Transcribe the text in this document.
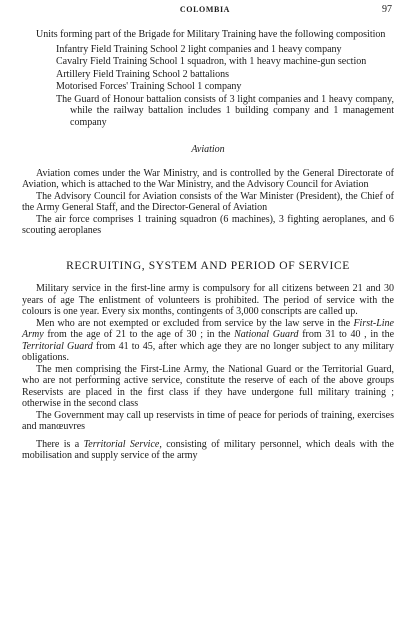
COLOMBIA	97

Units forming part of the Brigade for Military Training have the following composition

Infantry Field Training School 2 light companies and 1 heavy company

Cavalry Field Training School 1 squadron, with 1 heavy machine-gun section

Artillery Field Training School 2 battalions

Motorised Forces' Training School 1 company

The Guard of Honour battalion consists of 3 light companies and 1 heavy company, while the railway battalion includes 1 building company and 1 management company

Aviation

Aviation comes under the War Ministry, and is controlled by the General Directorate of Aviation, which is attached to the War Ministry, and the Advisory Council for Aviation

The Advisory Council for Aviation consists of the War Minister (President), the Chief of the Army General Staff, and the Director-General of Aviation

The air force comprises 1 training squadron (6 machines), 3 fighting aeroplanes, and 6 scouting aeroplanes

RECRUITING, SYSTEM AND PERIOD OF SERVICE

Military service in the first-line army is compulsory for all citizens between 21 and 30 years of age The enlistment of volunteers is prohibited. The period of service with the colours is one year. Every six months, contingents of 3,000 conscripts are called up.

Men who are not exempted or excluded from service by the law serve in the First-Line Army from the age of 21 to the age of 30 ; in the National Guard from 31 to 40 , in the Territorial Guard from 41 to 45, after which age they are no longer subject to any military obligations.

The men comprising the First-Line Army, the National Guard or the Territorial Guard, who are not performing active service, constitute the reserve of each of the above groups Reservists are placed in the first class if they have undergone full military training ; otherwise in the second class

The Government may call up reservists in time of peace for periods of training, exercises and manœuvres

There is a Territorial Service, consisting of military personnel, which deals with the mobilisation and supply service of the army
